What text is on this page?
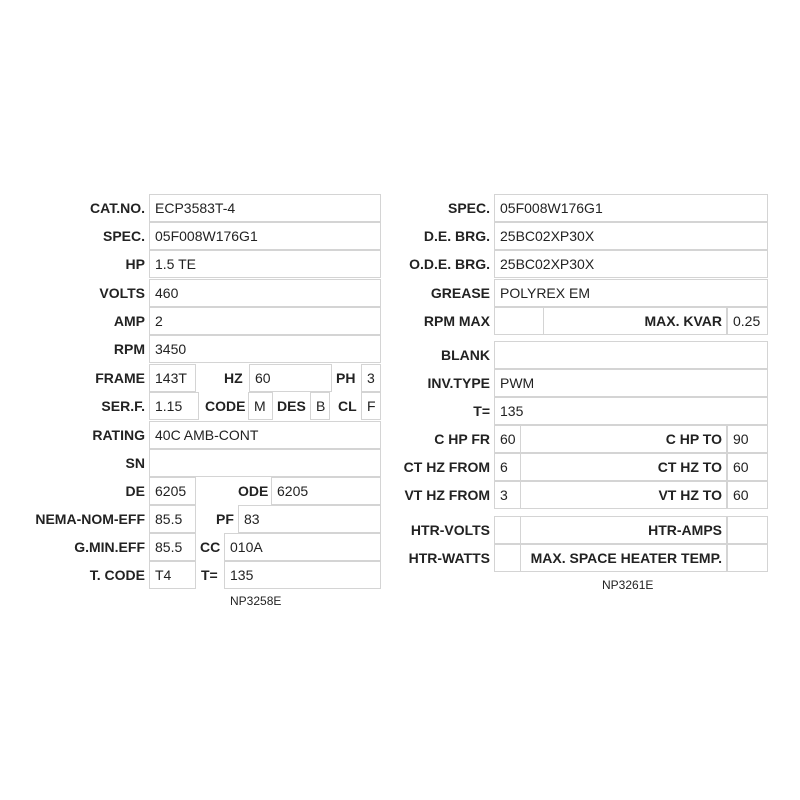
CAT.NO. ECP3583T-4
SPEC. 05F008W176G1
HP 1.5 TE
VOLTS 460
AMP 2
RPM 3450
FRAME 143T	HZ 60	PH 3
SER.F. 1.15 CODE M DES B CL F
RATING 40C AMB-CONT
SN
DE 6205	ODE 6205
NEMA-NOM-EFF 85.5 PF 83
G.MIN.EFF 85.5 CC 010A
T. CODE T4 T= 135
NP3258E
SPEC. 05F008W176G1
D.E. BRG. 25BC02XP30X
O.D.E. BRG. 25BC02XP30X
GREASE POLYREX EM
RPM MAX	MAX. KVAR 0.25
BLANK
INV.TYPE PWM
T= 135
C HP FR 60	C HP TO 90
CT HZ FROM 6	CT HZ TO 60
VT HZ FROM 3	VT HZ TO 60
HTR-VOLTS	HTR-AMPS
HTR-WATTS	MAX. SPACE HEATER TEMP.
NP3261E
